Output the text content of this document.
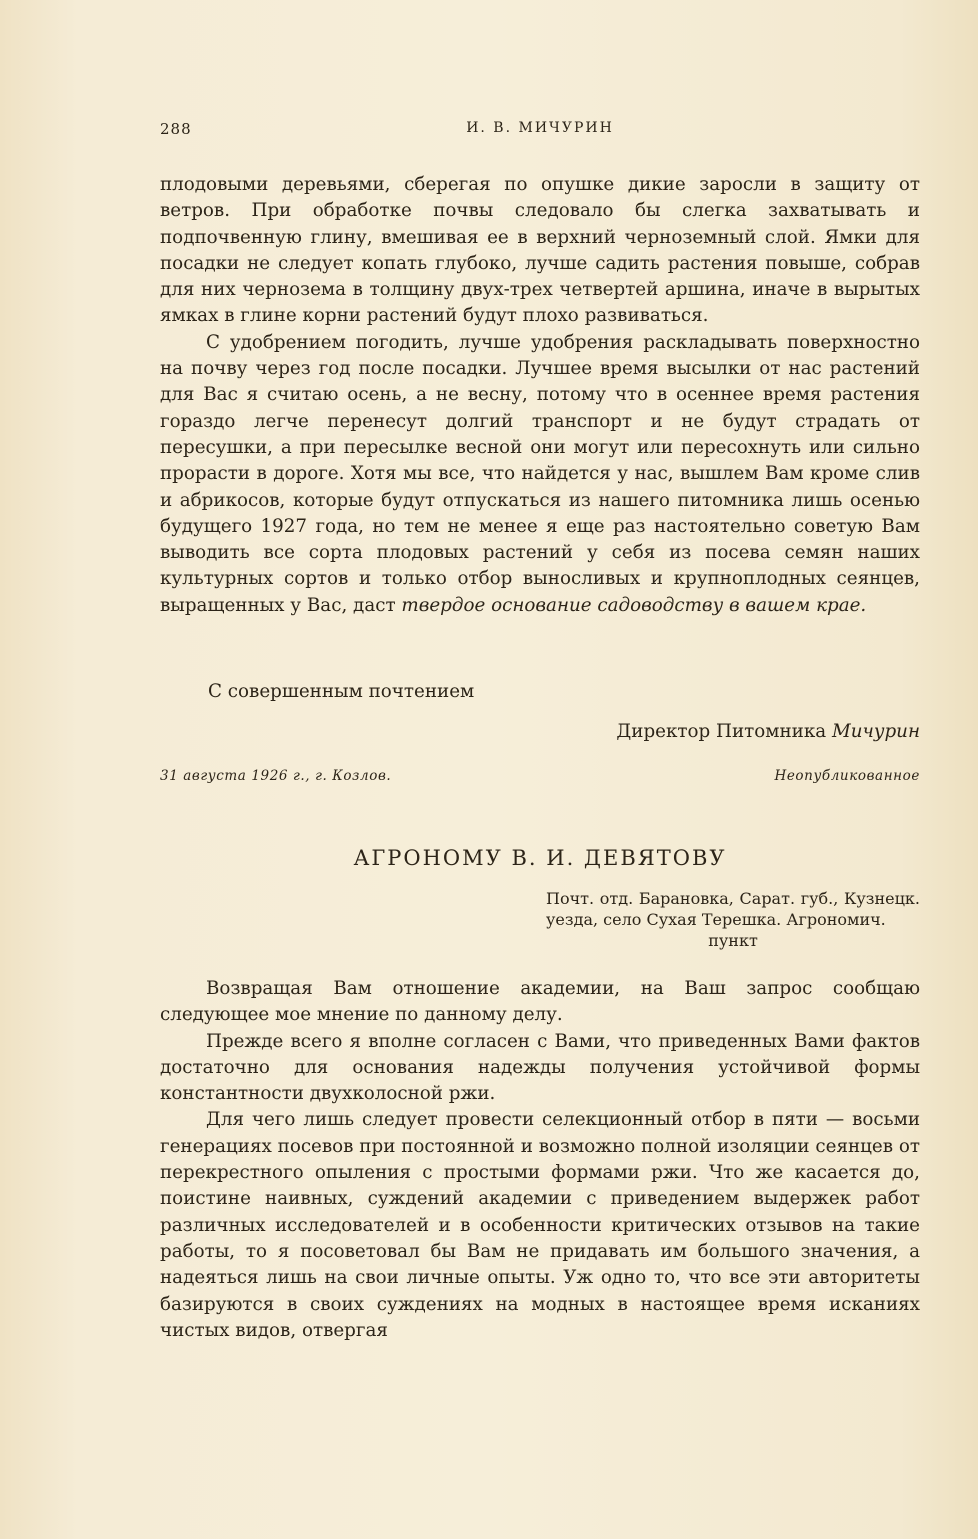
288	И. В. МИЧУРИН

плодовыми деревьями, сберегая по опушке дикие заросли в защиту от ветров. При обработке почвы следовало бы слегка захватывать и подпочвенную глину, вмешивая ее в верхний черноземный слой. Ямки для посадки не следует копать глубоко, лучше садить растения повыше, собрав для них чернозема в толщину двух-трех четвертей аршина, иначе в вырытых ямках в глине корни растений будут плохо развиваться.

С удобрением погодить, лучше удобрения раскладывать поверхностно на почву через год после посадки. Лучшее время высылки от нас растений для Вас я считаю осень, а не весну, потому что в осеннее время растения гораздо легче перенесут долгий транспорт и не будут страдать от пересушки, а при пересылке весной они могут или пересохнуть или сильно прорасти в дороге. Хотя мы все, что найдется у нас, вышлем Вам кроме слив и абрикосов, которые будут отпускаться из нашего питомника лишь осенью будущего 1927 года, но тем не менее я еще раз настоятельно советую Вам выводить все сорта плодовых растений у себя из посева семян наших культурных сортов и только отбор выносливых и крупноплодных сеянцев, выращенных у Вас, даст твердое основание садоводству в вашем крае.

С совершенным почтением
Директор Питомника Мичурин
31 августа 1926 г., г. Козлов.	Неопубликованное
АГРОНОМУ В. И. ДЕВЯТОВУ
Почт. отд. Барановка, Сарат. губ., Кузнецк. уезда, село Сухая Терешка. Агрономич.
пункт

Возвращая Вам отношение академии, на Ваш запрос сообщаю следующее мое мнение по данному делу.

Прежде всего я вполне согласен с Вами, что приведенных Вами фактов достаточно для основания надежды получения устойчивой формы константности двухколосной ржи.

Для чего лишь следует провести селекционный отбор в пяти — восьми генерациях посевов при постоянной и возможно полной изоляции сеянцев от перекрестного опыления с простыми формами ржи. Что же касается до, поистине наивных, суждений академии с приведением выдержек работ различных исследователей и в особенности критических отзывов на такие работы, то я посоветовал бы Вам не придавать им большого значения, а надеяться лишь на свои личные опыты. Уж одно то, что все эти авторитеты базируются в своих суждениях на модных в настоящее время исканиях чистых видов, отвергая
